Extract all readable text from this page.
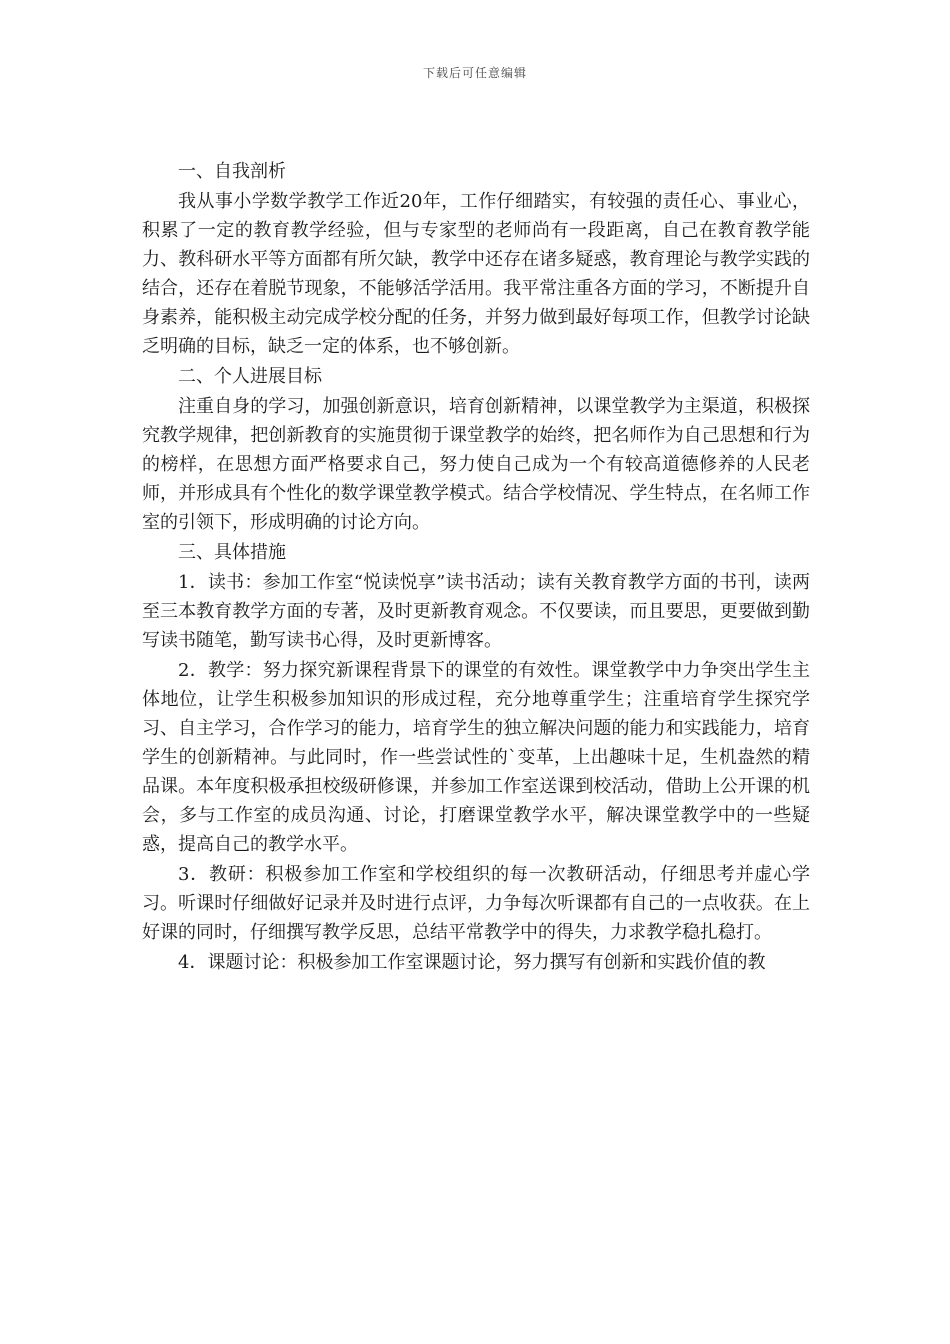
下载后可任意编辑

一、自我剖析

我从事小学数学教学工作近20年，工作仔细踏实，有较强的责任心、事业心，积累了一定的教育教学经验，但与专家型的老师尚有一段距离，自己在教育教学能力、教科研水平等方面都有所欠缺，教学中还存在诸多疑惑，教育理论与教学实践的结合，还存在着脱节现象，不能够活学活用。我平常注重各方面的学习，不断提升自身素养，能积极主动完成学校分配的任务，并努力做到最好每项工作，但教学讨论缺乏明确的目标，缺乏一定的体系，也不够创新。

二、个人进展目标

注重自身的学习，加强创新意识，培育创新精神，以课堂教学为主渠道，积极探究教学规律，把创新教育的实施贯彻于课堂教学的始终，把名师作为自己思想和行为的榜样，在思想方面严格要求自己，努力使自己成为一个有较高道德修养的人民老师，并形成具有个性化的数学课堂教学模式。结合学校情况、学生特点，在名师工作室的引领下，形成明确的讨论方向。

三、具体措施

1．读书：参加工作室“悦读悦享”读书活动；读有关教育教学方面的书刊，读两至三本教育教学方面的专著，及时更新教育观念。不仅要读，而且要思，更要做到勤写读书随笔，勤写读书心得，及时更新博客。

2．教学：努力探究新课程背景下的课堂的有效性。课堂教学中力争突出学生主体地位，让学生积极参加知识的形成过程，充分地尊重学生；注重培育学生探究学习、自主学习，合作学习的能力，培育学生的独立解决问题的能力和实践能力，培育学生的创新精神。与此同时，作一些尝试性的`变革，上出趣味十足，生机盎然的精品课。本年度积极承担校级研修课，并参加工作室送课到校活动，借助上公开课的机会，多与工作室的成员沟通、讨论，打磨课堂教学水平，解决课堂教学中的一些疑惑，提高自己的教学水平。

3．教研：积极参加工作室和学校组织的每一次教研活动，仔细思考并虚心学习。听课时仔细做好记录并及时进行点评，力争每次听课都有自己的一点收获。在上好课的同时，仔细撰写教学反思，总结平常教学中的得失，力求教学稳扎稳打。

4．课题讨论：积极参加工作室课题讨论，努力撰写有创新和实践价值的教
